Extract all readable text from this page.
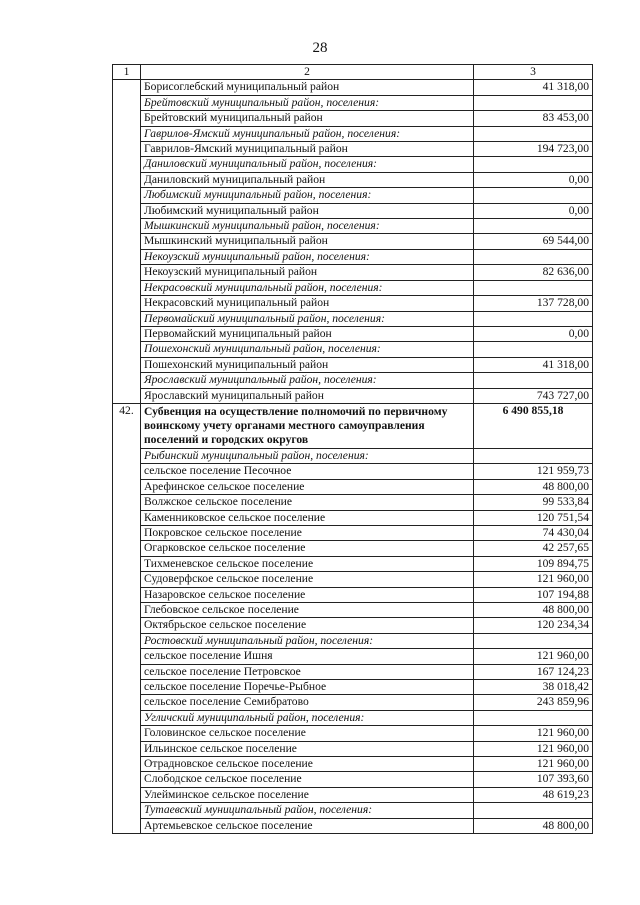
28
1	2	3
	Борисоглебский муниципальный район	41 318,00
	Брейтовский муниципальный район, поселения:	
	Брейтовский муниципальный район	83 453,00
	Гаврилов-Ямский муниципальный район, поселения:	
	Гаврилов-Ямский муниципальный район	194 723,00
	Даниловский муниципальный район, поселения:	
	Даниловский муниципальный район	0,00
	Любимский муниципальный район, поселения:	
	Любимский муниципальный район	0,00
	Мышкинский муниципальный район, поселения:	
	Мышкинский муниципальный район	69 544,00
	Некоузский муниципальный район, поселения:	
	Некоузский муниципальный район	82 636,00
	Некрасовский муниципальный район, поселения:	
	Некрасовский муниципальный район	137 728,00
	Первомайский муниципальный район, поселения:	
	Первомайский муниципальный район	0,00
	Пошехонский муниципальный район, поселения:	
	Пошехонский муниципальный район	41 318,00
	Ярославский муниципальный район, поселения:	
	Ярославский муниципальный район	743 727,00
42.	Субвенция на осуществление полномочий по первичному воинскому учету органами местного самоуправления поселений и городских округов	6 490 855,18
	Рыбинский муниципальный район, поселения:	
	сельское поселение Песочное	121 959,73
	Арефинское сельское поселение	48 800,00
	Волжское сельское поселение	99 533,84
	Каменниковское сельское поселение	120 751,54
	Покровское сельское поселение	74 430,04
	Огарковское сельское поселение	42 257,65
	Тихменевское сельское поселение	109 894,75
	Судоверфское сельское поселение	121 960,00
	Назаровское сельское поселение	107 194,88
	Глебовское сельское поселение	48 800,00
	Октябрьское сельское поселение	120 234,34
	Ростовский муниципальный район, поселения:	
	сельское поселение Ишня	121 960,00
	сельское поселение Петровское	167 124,23
	сельское поселение Поречье-Рыбное	38 018,42
	сельское поселение Семибратово	243 859,96
	Угличский муниципальный район, поселения:	
	Головинское сельское поселение	121 960,00
	Ильинское сельское поселение	121 960,00
	Отрадновское сельское поселение	121 960,00
	Слободское сельское поселение	107 393,60
	Улейминское сельское поселение	48 619,23
	Тутаевский муниципальный район, поселения:	
	Артемьевское сельское поселение	48 800,00
